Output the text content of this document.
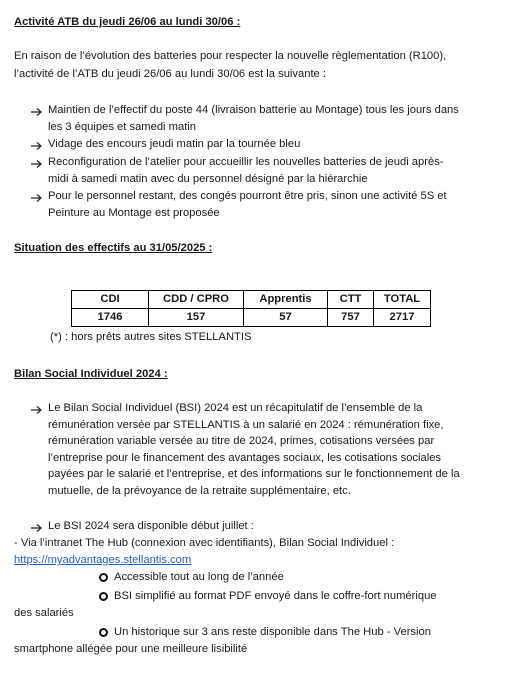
Activité ATB du jeudi 26/06 au lundi 30/06 :
En raison de l’évolution des batteries pour respecter la nouvelle règlementation (R100),
l’activité de l’ATB du jeudi 26/06 au lundi 30/06 est la suivante :
Maintien de l’effectif du poste 44 (livraison batterie au Montage) tous les jours dans
les 3 équipes et samedi matin
Vidage des encours jeudi matin par la tournée bleu
Reconfiguration de l’atelier pour accueillir les nouvelles batteries de jeudi après-
midi à samedi matin avec du personnel désigné par la hiérarchie
Pour le personnel restant, des congés pourront être pris, sinon une activité 5S et
Peinture au Montage est proposée
Situation des effectifs au 31/05/2025 :
CDI	CDD / CPRO	Apprentis	CTT	TOTAL
1746	157	57	757	2717
(*) : hors prêts autres sites STELLANTIS
Bilan Social Individuel 2024 :
Le Bilan Social Individuel (BSI) 2024 est un récapitulatif de l’ensemble de la
rémunération versée par STELLANTIS à un salarié en 2024 : rémunération fixe,
rémunération variable versée au titre de 2024, primes, cotisations versées par
l’entreprise pour le financement des avantages sociaux, les cotisations sociales
payées par le salarié et l’entreprise, et des informations sur le fonctionnement de la
mutuelle, de la prévoyance de la retraite supplémentaire, etc.
Le BSI 2024 sera disponible début juillet :
- Via l’intranet The Hub (connexion avec identifiants), Bilan Social Individuel :
https://myadvantages.stellantis.com
Accessible tout au long de l’année
BSI simplifié au format PDF envoyé dans le coffre-fort numérique
des salariés
Un historique sur 3 ans reste disponible dans The Hub - Version
smartphone allégée pour une meilleure lisibilité
